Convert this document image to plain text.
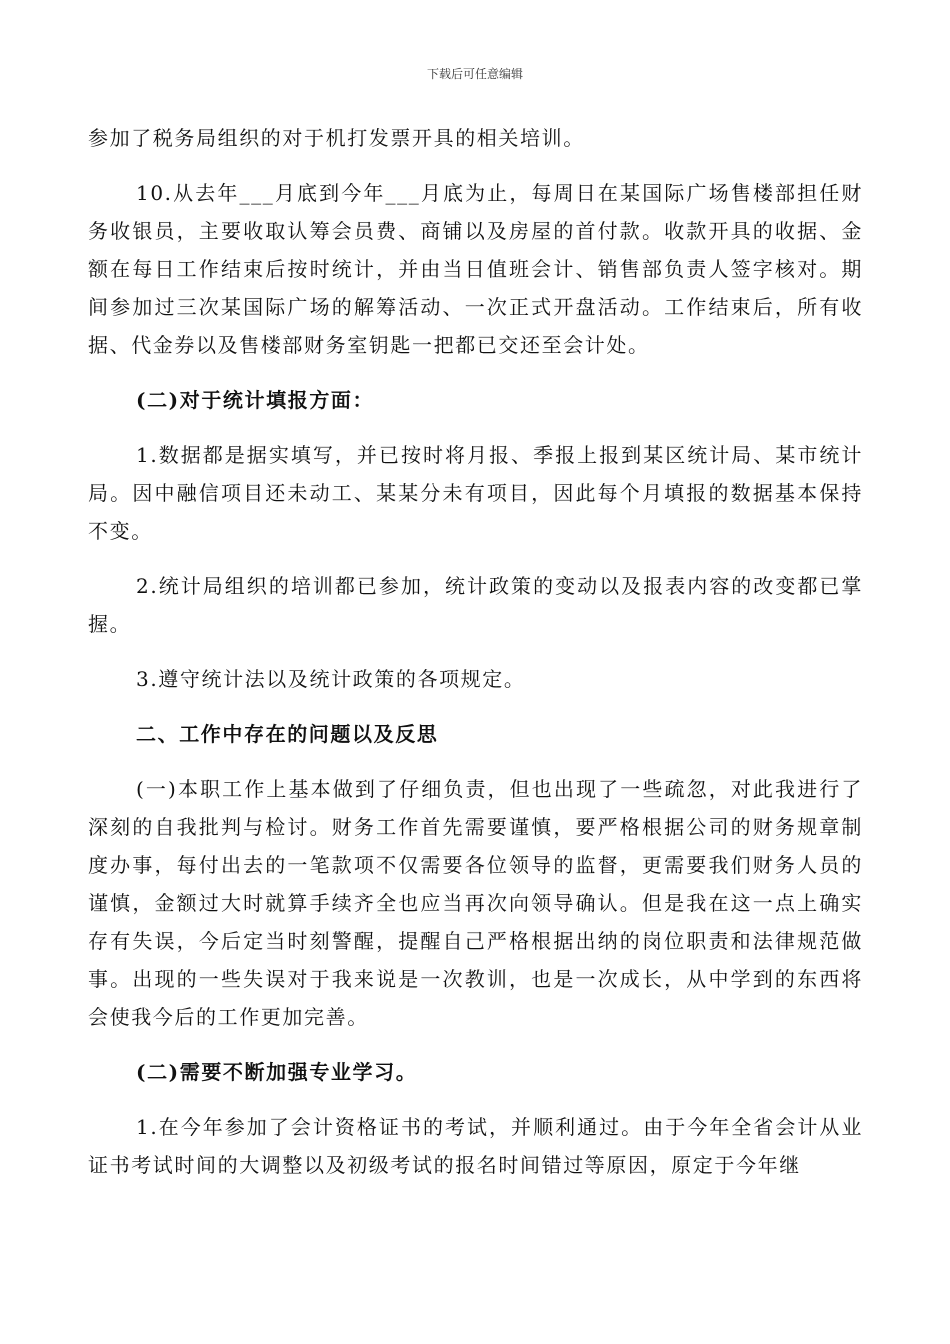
下载后可任意编辑

参加了税务局组织的对于机打发票开具的相关培训。

10.从去年___月底到今年___月底为止，每周日在某国际广场售楼部担任财务收银员，主要收取认筹会员费、商铺以及房屋的首付款。收款开具的收据、金额在每日工作结束后按时统计，并由当日值班会计、销售部负责人签字核对。期间参加过三次某国际广场的解筹活动、一次正式开盘活动。工作结束后，所有收据、代金券以及售楼部财务室钥匙一把都已交还至会计处。

(二)对于统计填报方面：

1.数据都是据实填写，并已按时将月报、季报上报到某区统计局、某市统计局。因中融信项目还未动工、某某分未有项目，因此每个月填报的数据基本保持不变。

2.统计局组织的培训都已参加，统计政策的变动以及报表内容的改变都已掌握。

3.遵守统计法以及统计政策的各项规定。

二、工作中存在的问题以及反思

(一)本职工作上基本做到了仔细负责，但也出现了一些疏忽，对此我进行了深刻的自我批判与检讨。财务工作首先需要谨慎，要严格根据公司的财务规章制度办事，每付出去的一笔款项不仅需要各位领导的监督，更需要我们财务人员的谨慎，金额过大时就算手续齐全也应当再次向领导确认。但是我在这一点上确实存有失误，今后定当时刻警醒，提醒自己严格根据出纳的岗位职责和法律规范做事。出现的一些失误对于我来说是一次教训，也是一次成长，从中学到的东西将会使我今后的工作更加完善。

(二)需要不断加强专业学习。

1.在今年参加了会计资格证书的考试，并顺利通过。由于今年全省会计从业证书考试时间的大调整以及初级考试的报名时间错过等原因，原定于今年继
